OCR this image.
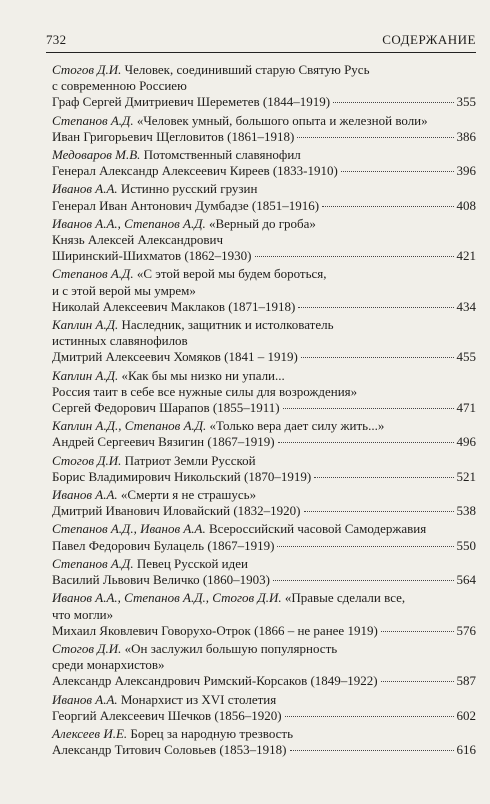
732	СОДЕРЖАНИЕ
Стогов Д.И. Человек, соединивший старую Святую Русь
с современною Россиею
Граф Сергей Дмитриевич Шереметев (1844–1919)	355
Степанов А.Д. «Человек умный, большого опыта и железной воли»
Иван Григорьевич Щегловитов (1861–1918)	386
Медоваров М.В. Потомственный славянофил
Генерал Александр Алексеевич Киреев (1833-1910)	396
Иванов А.А. Истинно русский грузин
Генерал Иван Антонович Думбадзе (1851–1916)	408
Иванов А.А., Степанов А.Д. «Верный до гроба»
Князь Алексей Александрович
Ширинский-Шихматов (1862–1930)	421
Степанов А.Д. «С этой верой мы будем бороться,
и с этой верой мы умрем»
Николай Алексеевич Маклаков (1871–1918)	434
Каплин А.Д. Наследник, защитник и истолкователь
истинных славянофилов
Дмитрий Алексеевич Хомяков (1841 – 1919)	455
Каплин А.Д. «Как бы мы низко ни упали...
Россия таит в себе все нужные силы для возрождения»
Сергей Федорович Шарапов (1855–1911)	471
Каплин А.Д., Степанов А.Д. «Только вера дает силу жить...»
Андрей Сергеевич Вязигин (1867–1919)	496
Стогов Д.И. Патриот Земли Русской
Борис Владимирович Никольский (1870–1919)	521
Иванов А.А. «Смерти я не страшусь»
Дмитрий Иванович Иловайский (1832–1920)	538
Степанов А.Д., Иванов А.А. Всероссийский часовой Самодержавия
Павел Федорович Булацель (1867–1919)	550
Степанов А.Д. Певец Русской идеи
Василий Львович Величко (1860–1903)	564
Иванов А.А., Степанов А.Д., Стогов Д.И. «Правые сделали все,
что могли»
Михаил Яковлевич Говорухо-Отрок (1866 – не ранее 1919)	576
Стогов Д.И. «Он заслужил большую популярность
среди монархистов»
Александр Александрович Римский-Корсаков (1849–1922)	587
Иванов А.А. Монархист из XVI столетия
Георгий Алексеевич Шечков (1856–1920)	602
Алексеев И.Е. Борец за народную трезвость
Александр Титович Соловьев (1853–1918)	616
